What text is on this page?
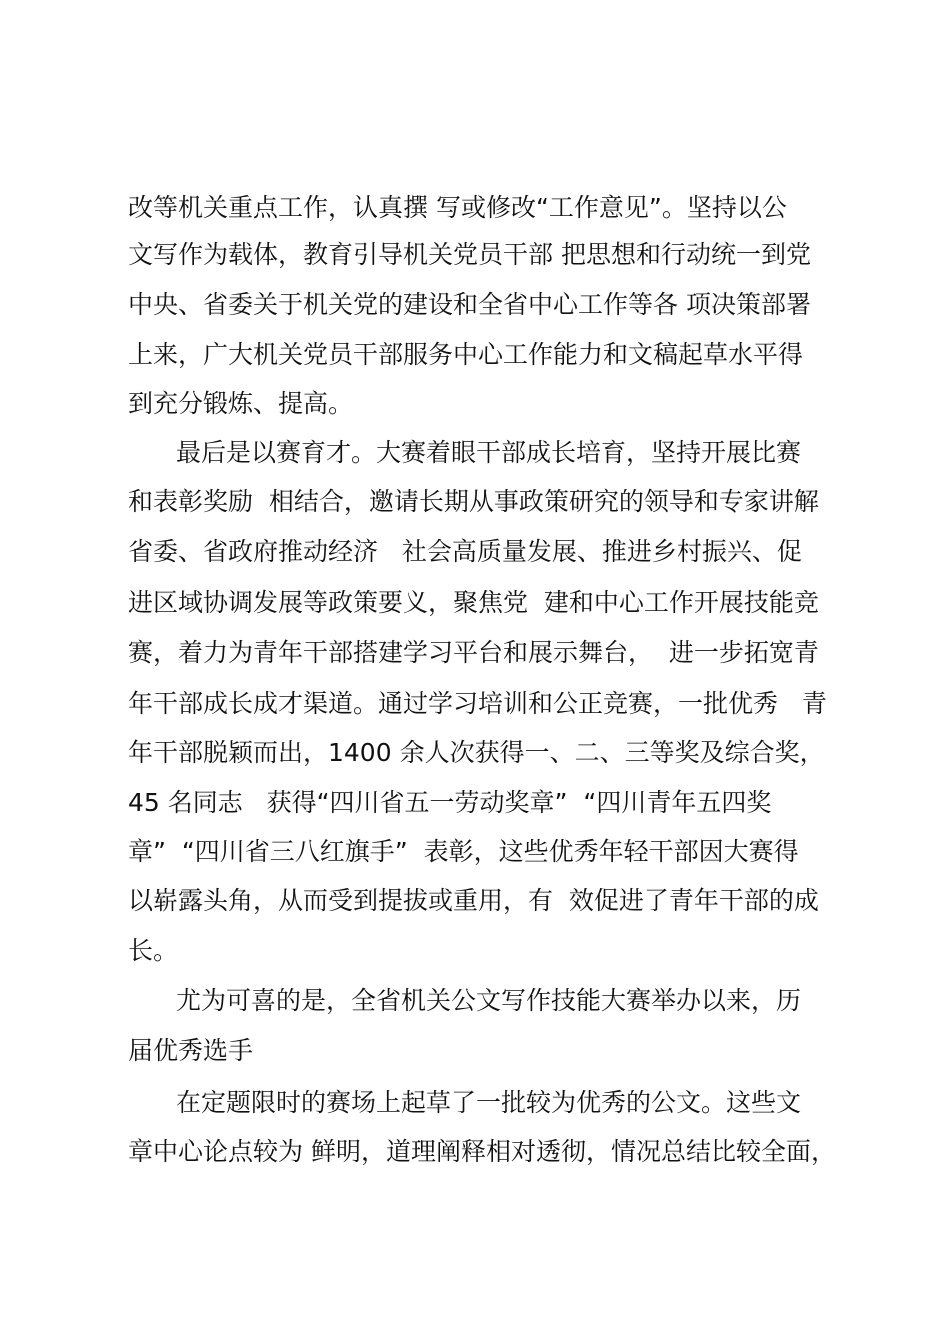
改等机关重点工作，认真撰 写或修改“工作意见”。坚持以公
文写作为载体，教育引导机关党员干部 把思想和行动统一到党
中央、省委关于机关党的建设和全省中心工作等各 项决策部署
上来，广大机关党员干部服务中心工作能力和文稿起草水平得
到充分锻炼、提高。
最后是以赛育才。大赛着眼干部成长培育，坚持开展比赛
和表彰奖励  相结合，邀请长期从事政策研究的领导和专家讲解
省委、省政府推动经济   社会高质量发展、推进乡村振兴、促
进区域协调发展等政策要义，聚焦党  建和中心工作开展技能竞
赛，着力为青年干部搭建学习平台和展示舞台，  进一步拓宽青
年干部成长成才渠道。通过学习培训和公正竞赛，一批优秀   青
年干部脱颖而出，1400 余人次获得一、二、三等奖及综合奖，
45 名同志   获得“四川省五一劳动奖章”  “四川青年五四奖
章”  “四川省三八红旗手”  表彰，这些优秀年轻干部因大赛得
以崭露头角，从而受到提拔或重用，有  效促进了青年干部的成
长。
尤为可喜的是，全省机关公文写作技能大赛举办以来，历
届优秀选手
在定题限时的赛场上起草了一批较为优秀的公文。这些文
章中心论点较为 鲜明，道理阐释相对透彻，情况总结比较全面，
